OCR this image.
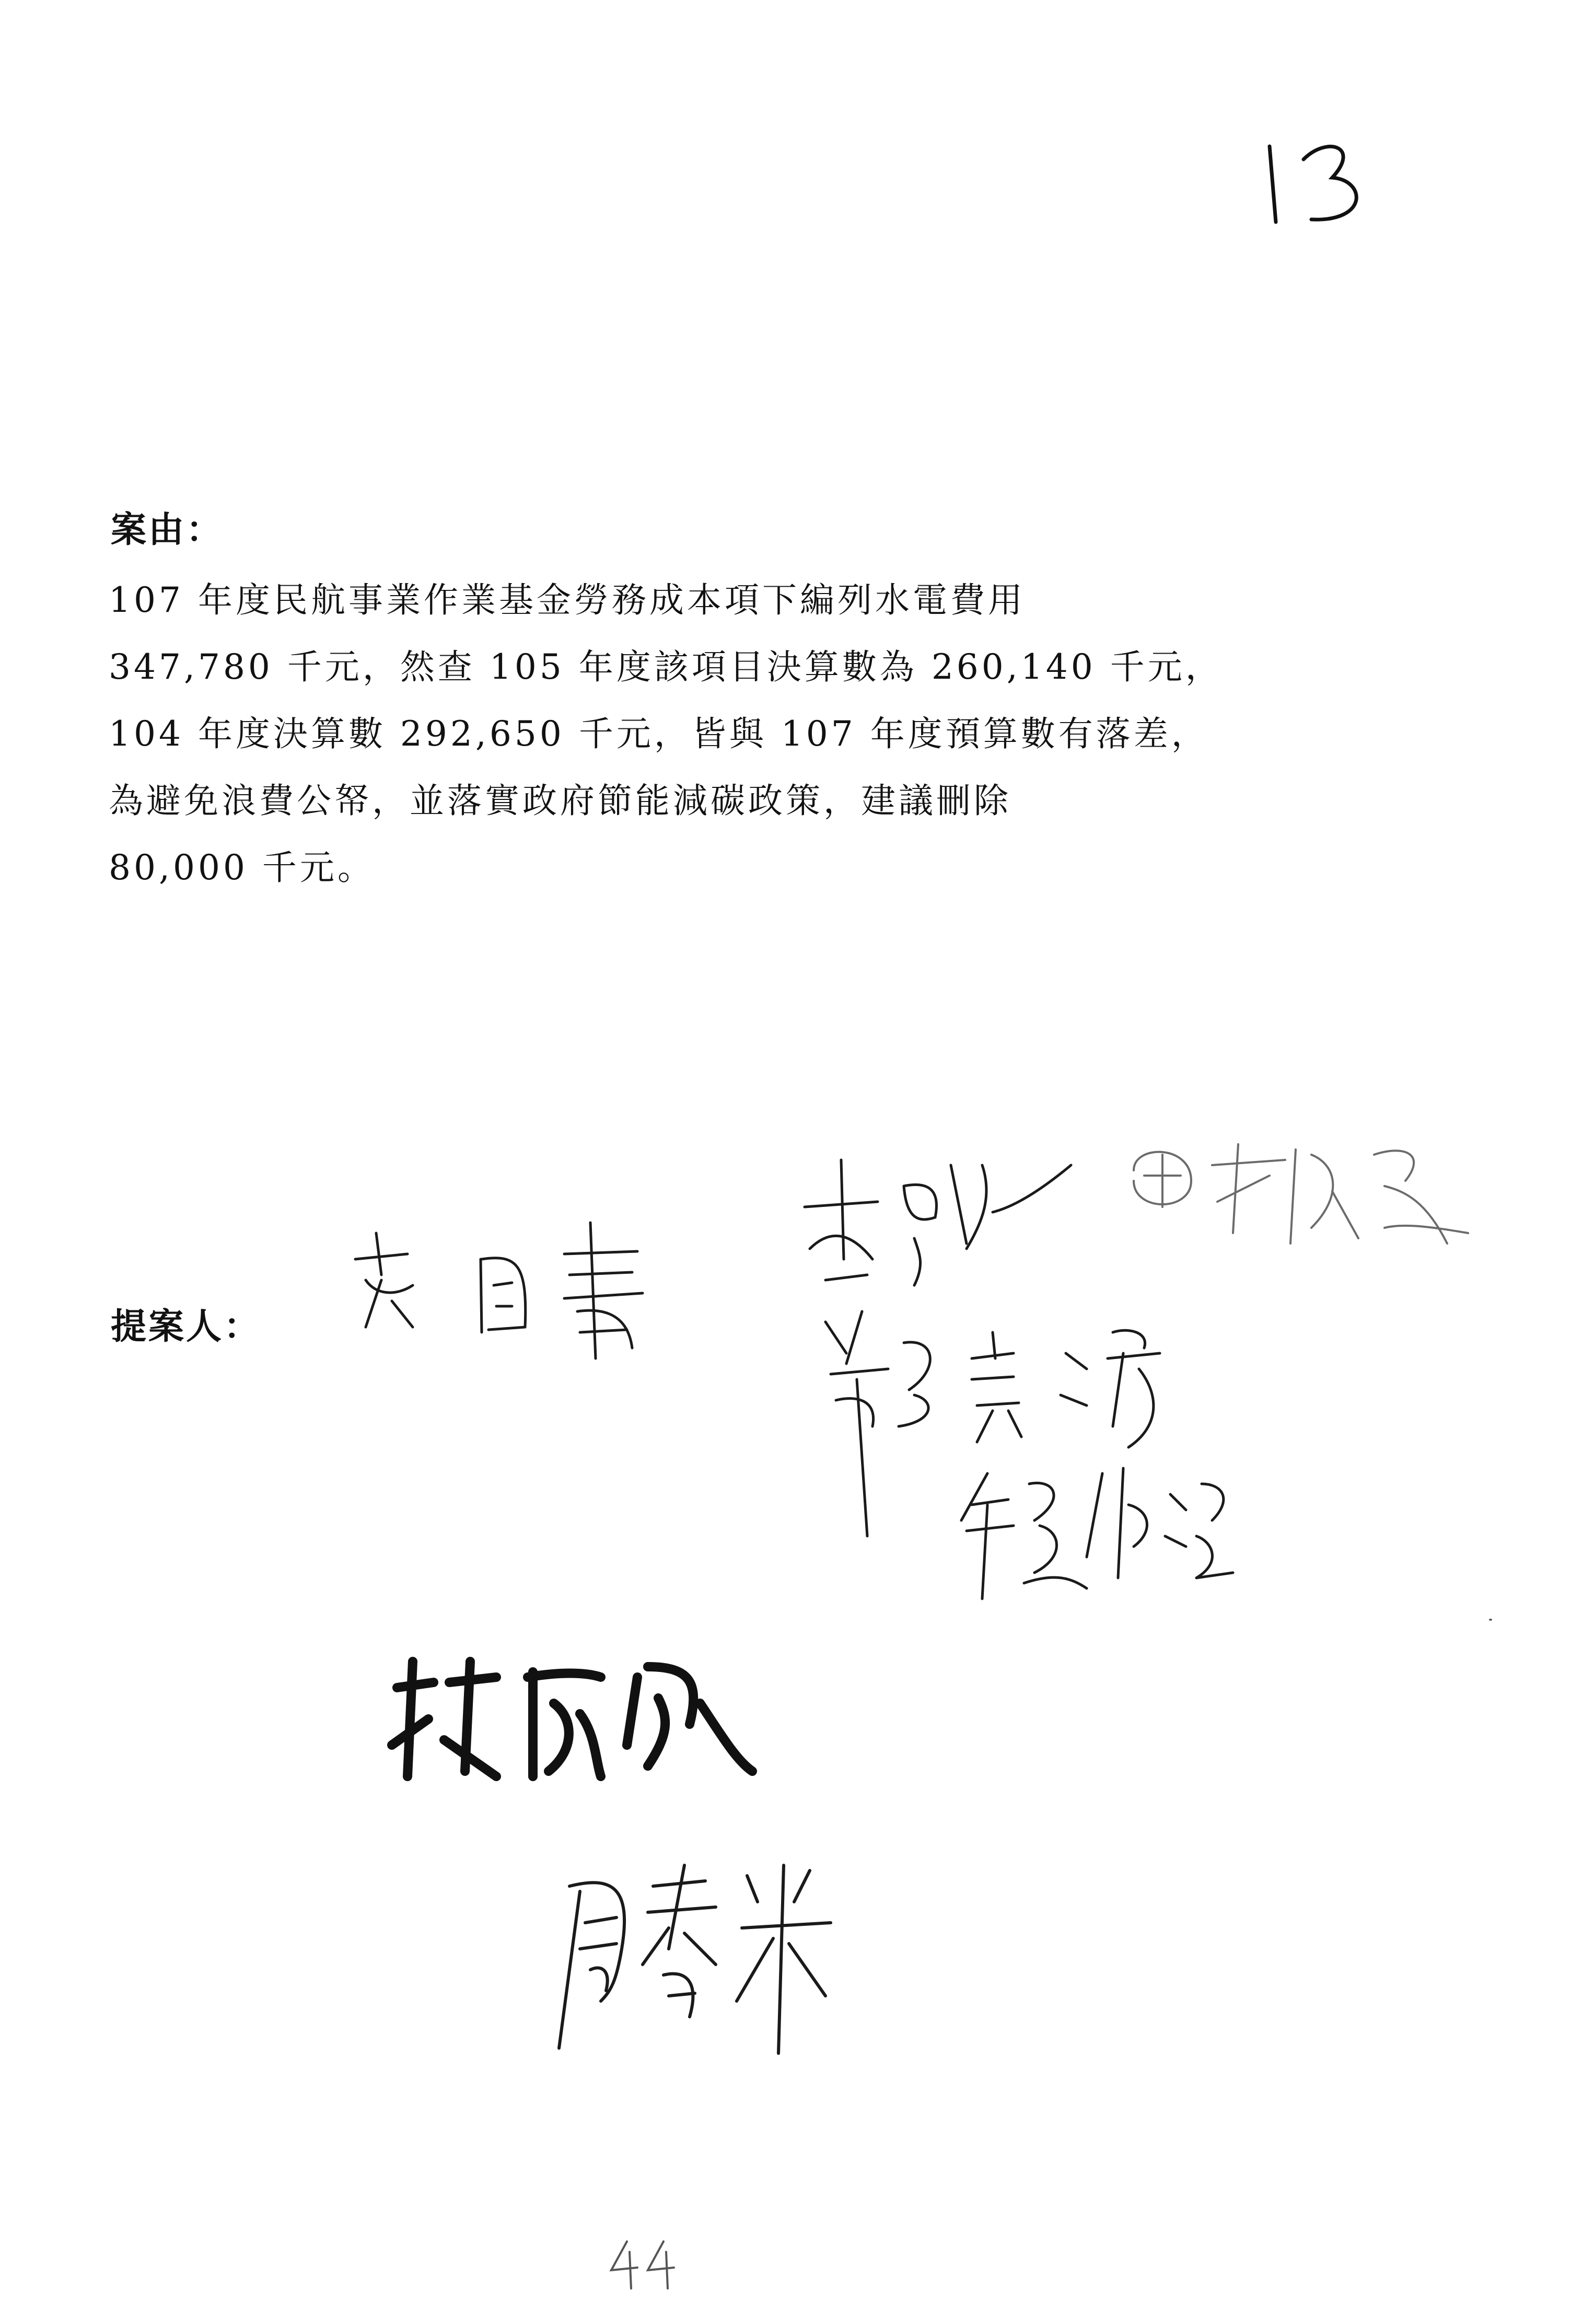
案由：
107 年度民航事業作業基金勞務成本項下編列水電費用
347,780 千元，然查 105 年度該項目決算數為 260,140 千元，
104 年度決算數 292,650 千元，皆與 107 年度預算數有落差，
為避免浪費公帑，並落實政府節能減碳政策，建議刪除
80,000 千元。
提案人：
